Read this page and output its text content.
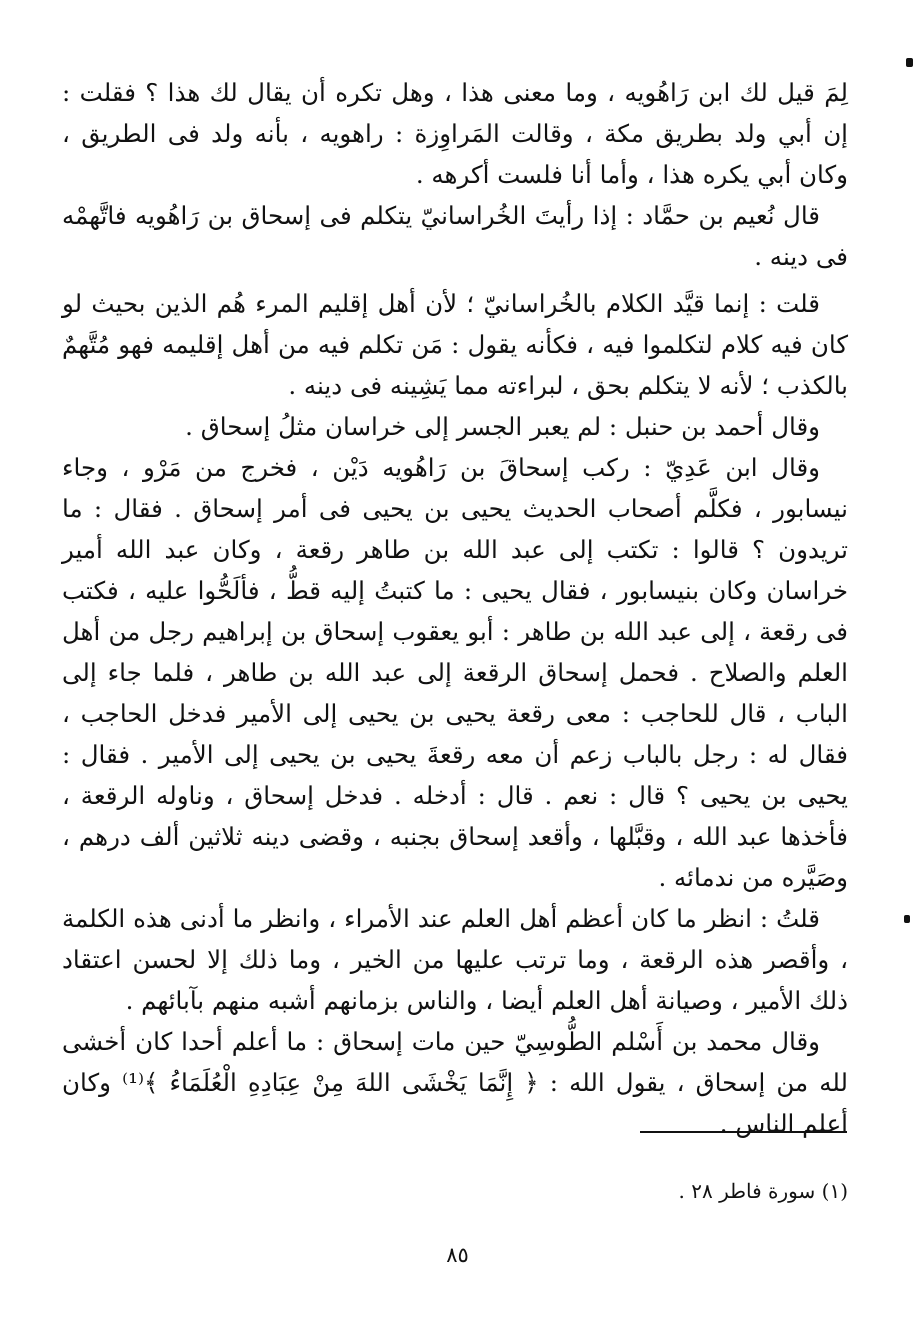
لِمَ قيل لك ابن رَاهُويه ، وما معنى هذا ، وهل تكره أن يقال لك هذا ؟ فقلت : إن أبي ولد بطريق مكة ، وقالت المَراوِزة : راهويه ، بأنه ولد فى الطريق ، وكان أبي يكره هذا ، وأما أنا فلست أكرهه .

قال نُعيم بن حمَّاد : إذا رأيتَ الخُراسانيّ يتكلم فى إسحاق بن رَاهُويه فاتَّهمْه فى دينه .

قلت : إنما قيَّد الكلام بالخُراسانيّ ؛ لأن أهل إقليم المرء هُم الذين بحيث لو كان فيه كلام لتكلموا فيه ، فكأنه يقول : مَن تكلم فيه من أهل إقليمه فهو مُتَّهمٌ بالكذب ؛ لأنه لا يتكلم بحق ، لبراءته مما يَشِينه فى دينه .

وقال أحمد بن حنبل : لم يعبر الجسر إلى خراسان مثلُ إسحاق .

وقال ابن عَدِيّ : ركب إسحاقَ بن رَاهُويه دَيْن ، فخرج من مَرْو ، وجاء نيسابور ، فكلَّم أصحاب الحديث يحيى بن يحيى فى أمر إسحاق . فقال : ما تريدون ؟ قالوا : تكتب إلى عبد الله بن طاهر رقعة ، وكان عبد الله أمير خراسان وكان بنيسابور ، فقال يحيى : ما كتبتُ إليه قطُّ ، فألَحُّوا عليه ، فكتب فى رقعة ، إلى عبد الله بن طاهر : أبو يعقوب إسحاق بن إبراهيم رجل من أهل العلم والصلاح . فحمل إسحاق الرقعة إلى عبد الله بن طاهر ، فلما جاء إلى الباب ، قال للحاجب : معى رقعة يحيى بن يحيى إلى الأمير فدخل الحاجب ، فقال له : رجل بالباب زعم أن معه رقعةَ يحيى بن يحيى إلى الأمير . فقال : يحيى بن يحيى ؟ قال : نعم . قال : أدخله . فدخل إسحاق ، وناوله الرقعة ، فأخذها عبد الله ، وقبَّلها ، وأقعد إسحاق بجنبه ، وقضى دينه ثلاثين ألف درهم ، وصَيَّره من ندمائه .

قلتُ : انظر ما كان أعظم أهل العلم عند الأمراء ، وانظر ما أدنى هذه الكلمة ، وأقصر هذه الرقعة ، وما ترتب عليها من الخير ، وما ذلك إلا لحسن اعتقاد ذلك الأمير ، وصيانة أهل العلم أيضا ، والناس بزمانهم أشبه منهم بآبائهم .

وقال محمد بن أَسْلم الطُّوسِيّ حين مات إسحاق : ما أعلم أحدا كان أخشى لله من إسحاق ، يقول الله : ﴿ إِنَّمَا يَخْشَى اللهَ مِنْ عِبَادِهِ الْعُلَمَاءُ ﴾⁽¹⁾ وكان أعلم الناس .

(١) سورة فاطر ٢٨ .
٨٥
